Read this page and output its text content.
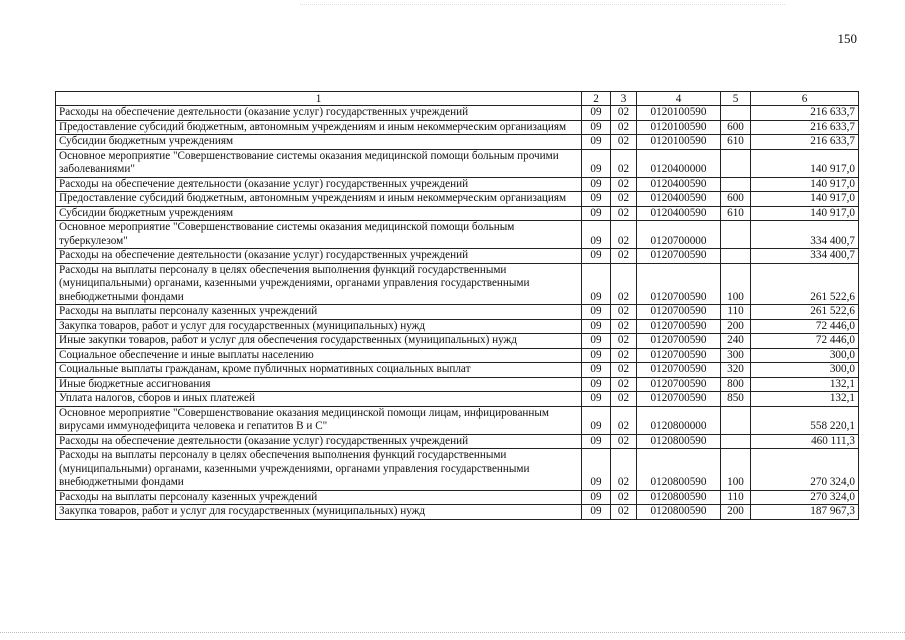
150
1	2	3	4	5	6
Расходы на обеспечение деятельности (оказание услуг) государственных учреждений	09	02	0120100590		216 633,7
Предоставление субсидий бюджетным, автономным учреждениям и иным некоммерческим организациям	09	02	0120100590	600	216 633,7
Субсидии бюджетным учреждениям	09	02	0120100590	610	216 633,7
Основное мероприятие "Совершенствование системы оказания медицинской помощи больным прочими заболеваниями"	09	02	0120400000		140 917,0
Расходы на обеспечение деятельности (оказание услуг) государственных учреждений	09	02	0120400590		140 917,0
Предоставление субсидий бюджетным, автономным учреждениям и иным некоммерческим организациям	09	02	0120400590	600	140 917,0
Субсидии бюджетным учреждениям	09	02	0120400590	610	140 917,0
Основное мероприятие "Совершенствование системы оказания медицинской помощи больным туберкулезом"	09	02	0120700000		334 400,7
Расходы на обеспечение деятельности (оказание услуг) государственных учреждений	09	02	0120700590		334 400,7
Расходы на выплаты персоналу в целях обеспечения выполнения функций государственными (муниципальными) органами, казенными учреждениями, органами управления государственными внебюджетными фондами	09	02	0120700590	100	261 522,6
Расходы на выплаты персоналу казенных учреждений	09	02	0120700590	110	261 522,6
Закупка товаров, работ и услуг для государственных (муниципальных) нужд	09	02	0120700590	200	72 446,0
Иные закупки товаров, работ и услуг для обеспечения государственных (муниципальных) нужд	09	02	0120700590	240	72 446,0
Социальное обеспечение и иные выплаты населению	09	02	0120700590	300	300,0
Социальные выплаты гражданам, кроме публичных нормативных социальных выплат	09	02	0120700590	320	300,0
Иные бюджетные ассигнования	09	02	0120700590	800	132,1
Уплата налогов, сборов и иных платежей	09	02	0120700590	850	132,1
Основное мероприятие "Совершенствование оказания медицинской помощи лицам, инфицированным вирусами иммунодефицита человека и гепатитов В и С"	09	02	0120800000		558 220,1
Расходы на обеспечение деятельности (оказание услуг) государственных учреждений	09	02	0120800590		460 111,3
Расходы на выплаты персоналу в целях обеспечения выполнения функций государственными (муниципальными) органами, казенными учреждениями, органами управления государственными внебюджетными фондами	09	02	0120800590	100	270 324,0
Расходы на выплаты персоналу казенных учреждений	09	02	0120800590	110	270 324,0
Закупка товаров, работ и услуг для государственных (муниципальных) нужд	09	02	0120800590	200	187 967,3
